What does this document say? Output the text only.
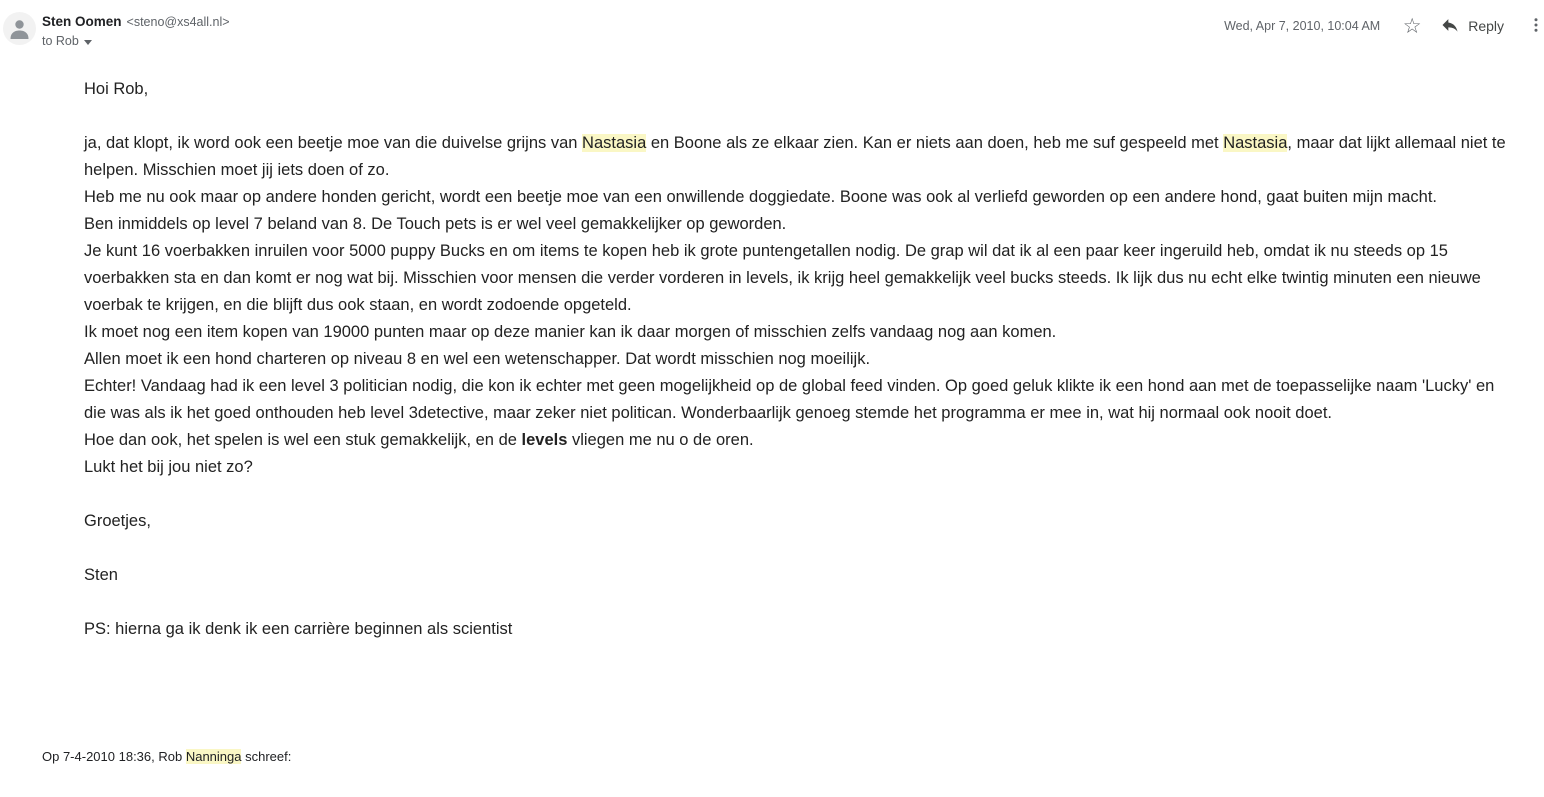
Sten Oomen <steno@xs4all.nl>
to Rob
Wed, Apr 7, 2010, 10:04 AM ☆	Reply
Hoi Rob,

ja, dat klopt, ik word ook een beetje moe van die duivelse grijns van Nastasia en Boone als ze elkaar zien. Kan er niets aan doen, heb me suf gespeeld met Nastasia, maar dat lijkt allemaal niet te helpen. Misschien moet jij iets doen of zo.
Heb me nu ook maar op andere honden gericht, wordt een beetje moe van een onwillende doggiedate. Boone was ook al verliefd geworden op een andere hond, gaat buiten mijn macht.
Ben inmiddels op level 7 beland van 8. De Touch pets is er wel veel gemakkelijker op geworden.
Je kunt 16 voerbakken inruilen voor 5000 puppy Bucks en om items te kopen heb ik grote puntengetallen nodig. De grap wil dat ik al een paar keer ingeruild heb, omdat ik nu steeds op 15 voerbakken sta en dan komt er nog wat bij. Misschien voor mensen die verder vorderen in levels, ik krijg heel gemakkelijk veel bucks steeds. Ik lijk dus nu echt elke twintig minuten een nieuwe voerbak te krijgen, en die blijft dus ook staan, en wordt zodoende opgeteld.
Ik moet nog een item kopen van 19000 punten maar op deze manier kan ik daar morgen of misschien zelfs vandaag nog aan komen.
Allen moet ik een hond charteren op niveau 8 en wel een wetenschapper. Dat wordt misschien nog moeilijk.
Echter! Vandaag had ik een level 3 politician nodig, die kon ik echter met geen mogelijkheid op de global feed vinden. Op goed geluk klikte ik een hond aan met de toepasselijke naam 'Lucky' en die was als ik het goed onthouden heb level 3detective, maar zeker niet politican. Wonderbaarlijk genoeg stemde het programma er mee in, wat hij normaal ook nooit doet.
Hoe dan ook, het spelen is wel een stuk gemakkelijk, en de levels vliegen me nu o de oren.
Lukt het bij jou niet zo?

Groetjes,

Sten

PS: hierna ga ik denk ik een carrière beginnen als scientist
Op 7-4-2010 18:36, Rob Nanninga schreef:
